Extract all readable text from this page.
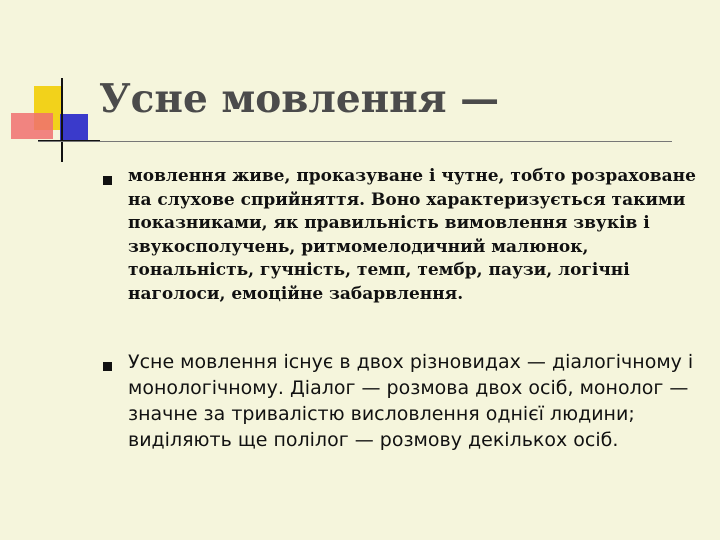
Усне мовлення —

мовлення живе, проказуване і чутне, тобто розраховане на слухове сприйняття. Воно характеризується такими показниками, як правильність вимовлення звуків і звукосполучень, ритмомелодичний малюнок, тональність, гучність, темп, тембр, паузи, логічні наголоси, емоційне забарвлення.

Усне мовлення існує в двох різновидах — діалогічному і монологічному. Діалог — розмова двох осіб, монолог — значне за тривалістю висловлення однієї людини; виділяють ще полілог — розмову декількох осіб.
